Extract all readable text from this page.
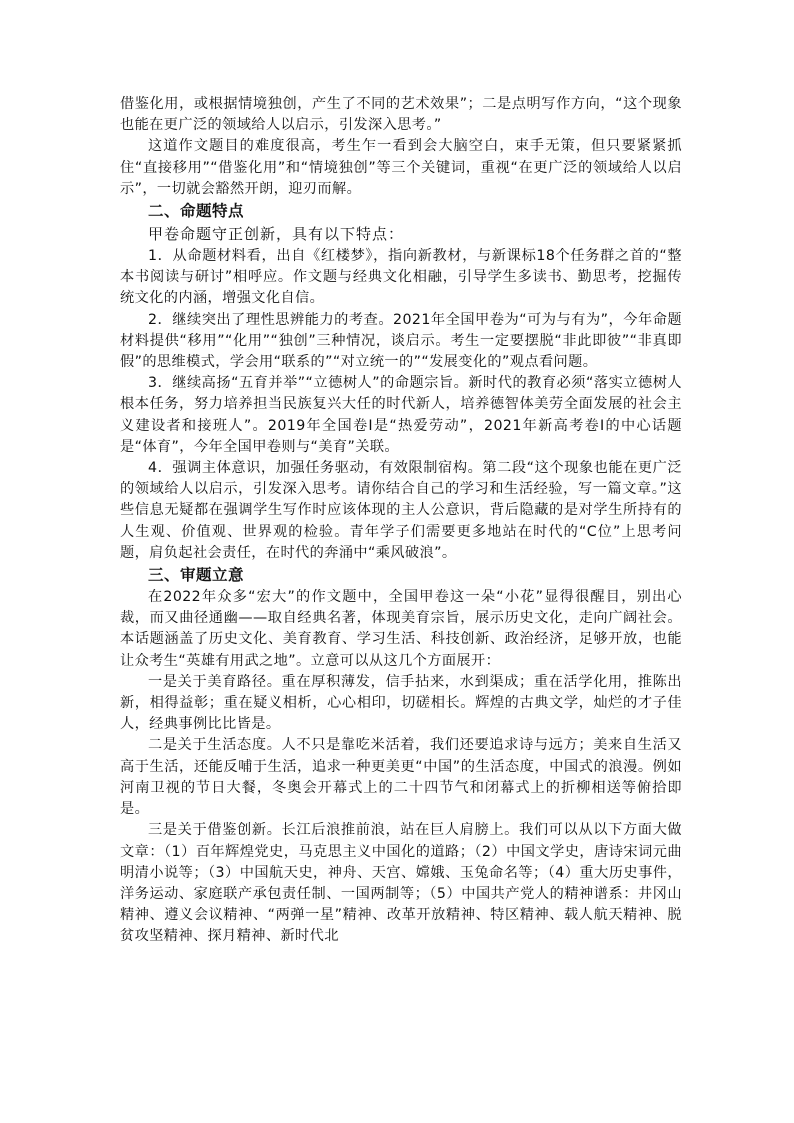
借鉴化用，或根据情境独创，产生了不同的艺术效果”；二是点明写作方向，“这个现象也能在更广泛的领域给人以启示，引发深入思考。”

这道作文题目的难度很高，考生乍一看到会大脑空白，束手无策，但只要紧紧抓住“直接移用”“借鉴化用”和“情境独创”等三个关键词，重视“在更广泛的领域给人以启示”，一切就会豁然开朗，迎刃而解。

二、命题特点

甲卷命题守正创新，具有以下特点：

1．从命题材料看，出自《红楼梦》，指向新教材，与新课标18个任务群之首的“整本书阅读与研讨”相呼应。作文题与经典文化相融，引导学生多读书、勤思考，挖掘传统文化的内涵，增强文化自信。

2．继续突出了理性思辨能力的考查。2021年全国甲卷为“可为与有为”，今年命题材料提供“移用”“化用”“独创”三种情况，谈启示。考生一定要摆脱“非此即彼”“非真即假”的思维模式，学会用“联系的”“对立统一的”“发展变化的”观点看问题。

3．继续高扬“五育并举”“立德树人”的命题宗旨。新时代的教育必须“落实立德树人根本任务，努力培养担当民族复兴大任的时代新人，培养德智体美劳全面发展的社会主义建设者和接班人”。2019年全国卷Ⅰ是“热爱劳动”，2021年新高考卷Ⅰ的中心话题是“体育”，今年全国甲卷则与“美育”关联。

4．强调主体意识，加强任务驱动，有效限制宿构。第二段“这个现象也能在更广泛的领域给人以启示，引发深入思考。请你结合自己的学习和生活经验，写一篇文章。”这些信息无疑都在强调学生写作时应该体现的主人公意识，背后隐藏的是对学生所持有的人生观、价值观、世界观的检验。青年学子们需要更多地站在时代的“C位”上思考问题，肩负起社会责任，在时代的奔涌中“乘风破浪”。

三、审题立意

在2022年众多“宏大”的作文题中，全国甲卷这一朵“小花”显得很醒目，别出心裁，而又曲径通幽——取自经典名著，体现美育宗旨，展示历史文化，走向广阔社会。本话题涵盖了历史文化、美育教育、学习生活、科技创新、政治经济，足够开放，也能让众考生“英雄有用武之地”。立意可以从这几个方面展开：

一是关于美育路径。重在厚积薄发，信手拈来，水到渠成；重在活学化用，推陈出新，相得益彰；重在疑义相析，心心相印，切磋相长。辉煌的古典文学，灿烂的才子佳人，经典事例比比皆是。

二是关于生活态度。人不只是靠吃米活着，我们还要追求诗与远方；美来自生活又高于生活，还能反哺于生活，追求一种更美更“中国”的生活态度，中国式的浪漫。例如河南卫视的节日大餐，冬奥会开幕式上的二十四节气和闭幕式上的折柳相送等俯拾即是。

三是关于借鉴创新。长江后浪推前浪，站在巨人肩膀上。我们可以从以下方面大做文章：（1）百年辉煌党史，马克思主义中国化的道路；（2）中国文学史，唐诗宋词元曲明清小说等；（3）中国航天史，神舟、天宫、嫦娥、玉兔命名等；（4）重大历史事件，洋务运动、家庭联产承包责任制、一国两制等；（5）中国共产党人的精神谱系：井冈山精神、遵义会议精神、“两弹一星”精神、改革开放精神、特区精神、载人航天精神、脱贫攻坚精神、探月精神、新时代北
